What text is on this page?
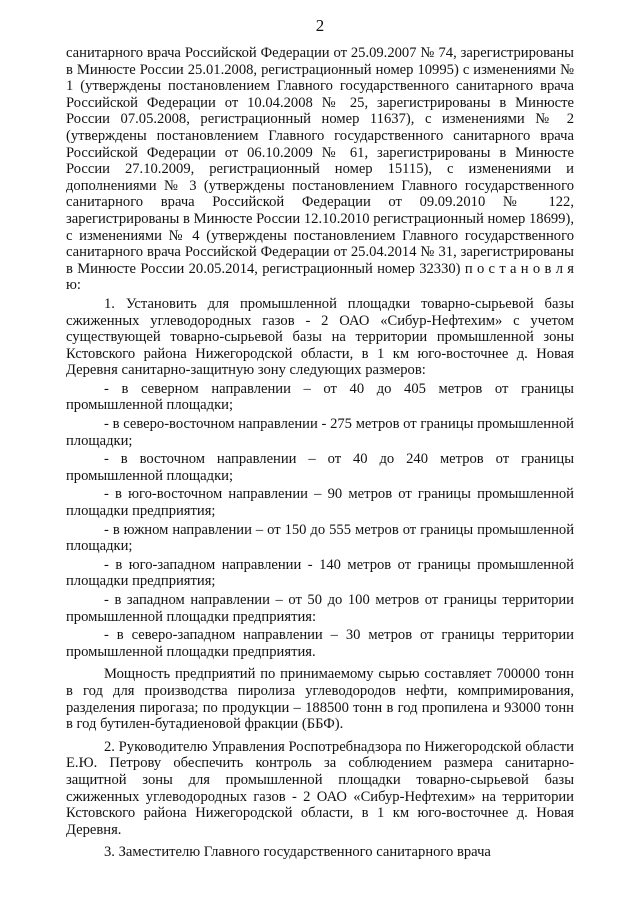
2

санитарного врача Российской Федерации от 25.09.2007 № 74, зарегистрированы в Минюсте России 25.01.2008, регистрационный номер 10995) с изменениями № 1 (утверждены постановлением Главного государственного санитарного врача Российской Федерации от 10.04.2008 № 25, зарегистрированы в Минюсте России 07.05.2008, регистрационный номер 11637), с изменениями № 2 (утверждены постановлением Главного государственного санитарного врача Российской Федерации от 06.10.2009 № 61, зарегистрированы в Минюсте России 27.10.2009, регистрационный номер 15115), с изменениями и дополнениями № 3 (утверждены постановлением Главного государственного санитарного врача Российской Федерации от 09.09.2010 № 122, зарегистрированы в Минюсте России 12.10.2010 регистрационный номер 18699), с изменениями № 4 (утверждены постановлением Главного государственного санитарного врача Российской Федерации от 25.04.2014 № 31, зарегистрированы в Минюсте России 20.05.2014, регистрационный номер 32330) п о с т а н о в л я ю:

1. Установить для промышленной площадки товарно-сырьевой базы сжиженных углеводородных газов - 2 ОАО «Сибур-Нефтехим» с учетом существующей товарно-сырьевой базы на территории промышленной зоны Кстовского района Нижегородской области, в 1 км юго-восточнее д. Новая Деревня санитарно-защитную зону следующих размеров:

- в северном направлении – от 40 до 405 метров от границы промышленной площадки;

- в северо-восточном направлении - 275 метров от границы промышленной площадки;

- в восточном направлении – от 40 до 240 метров от границы промышленной площадки;

- в юго-восточном направлении – 90 метров от границы промышленной площадки предприятия;

- в южном направлении – от 150 до 555 метров от границы промышленной площадки;

- в юго-западном направлении - 140 метров от границы промышленной площадки предприятия;

- в западном направлении – от 50 до 100 метров от границы территории промышленной площадки предприятия:

- в северо-западном направлении – 30 метров от границы территории промышленной площадки предприятия.

Мощность предприятий по принимаемому сырью составляет 700000 тонн в год для производства пиролиза углеводородов нефти, компримирования, разделения пирогаза; по продукции – 188500 тонн в год пропилена и 93000 тонн в год бутилен-бутадиеновой фракции (ББФ).

2. Руководителю Управления Роспотребнадзора по Нижегородской области Е.Ю. Петрову обеспечить контроль за соблюдением размера санитарно-защитной зоны для промышленной площадки товарно-сырьевой базы сжиженных углеводородных газов - 2 ОАО «Сибур-Нефтехим» на территории Кстовского района Нижегородской области, в 1 км юго-восточнее д. Новая Деревня.

3. Заместителю Главного государственного санитарного врача
